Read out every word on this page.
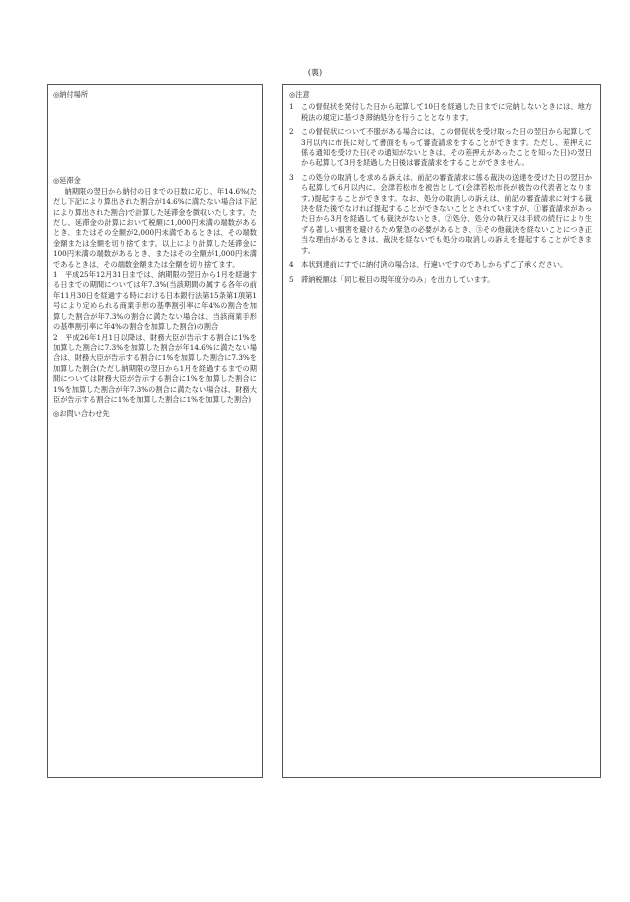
(裏)

◎納付場所

◎延滞金

納期限の翌日から納付の日までの日数に応じ、年14.6%(ただし下記により算出された割合が14.6%に満たない場合は下記により算出された割合)で計算した延滞金を徴収いたします。ただし、延滞金の計算において税額に1,000円未満の端数があるとき、またはその全額が2,000円未満であるときは、その端数金額または全額を切り捨てます。以上により計算した延滞金に100円未満の端数があるとき、またはその全額が1,000円未満であるときは、その端数金額または全額を切り捨てます。

1　平成25年12月31日までは、納期限の翌日から1月を経過する日までの期間については年7.3%(当該期間の属する各年の前年11月30日を経過する時における日本銀行法第15条第1項第1号により定められる商業手形の基準割引率に年4%の割合を加算した割合が年7.3%の割合に満たない場合は、当該商業手形の基準割引率に年4%の割合を加算した割合)の割合

2　平成26年1月1日以降は、財務大臣が告示する割合に1%を加算した割合に7.3%を加算した割合が年14.6%に満たない場合は、財務大臣が告示する割合に1%を加算した割合に7.3%を加算した割合(ただし納期限の翌日から1月を経過するまでの期間については財務大臣が告示する割合に1%を加算した割合に1%を加算した割合が年7.3%の割合に満たない場合は、財務大臣が告示する割合に1%を加算した割合に1%を加算した割合)

◎お問い合わせ先

◎注意

1	この督促状を発付した日から起算して10日を経過した日までに完納しないときには、地方税法の規定に基づき滞納処分を行うこととなります。
2	この督促状について不服がある場合には、この督促状を受け取った日の翌日から起算して3月以内に市長に対して書面をもって審査請求をすることができます。ただし、差押えに係る通知を受けた日(その通知がないときは、その差押えがあったことを知った日)の翌日から起算して3月を経過した日後は審査請求をすることができません。
3	この処分の取消しを求める訴えは、前記の審査請求に係る裁決の送達を受けた日の翌日から起算して6月以内に、会津若松市を被告として(会津若松市長が被告の代表者となります。)提起することができます。なお、処分の取消しの訴えは、前記の審査請求に対する裁決を経た後でなければ提起することができないこととされていますが、①審査請求があった日から3月を経過しても裁決がないとき、②処分、処分の執行又は手続の続行により生ずる著しい損害を避けるため緊急の必要があるとき、③その他裁決を経ないことにつき正当な理由があるときは、裁決を経ないでも処分の取消しの訴えを提起することができます。
4	本状到達前にすでに納付済の場合は、行違いですのであしからずご了承ください。
5	滞納税額は「同じ税目の現年度分のみ」を出力しています。
